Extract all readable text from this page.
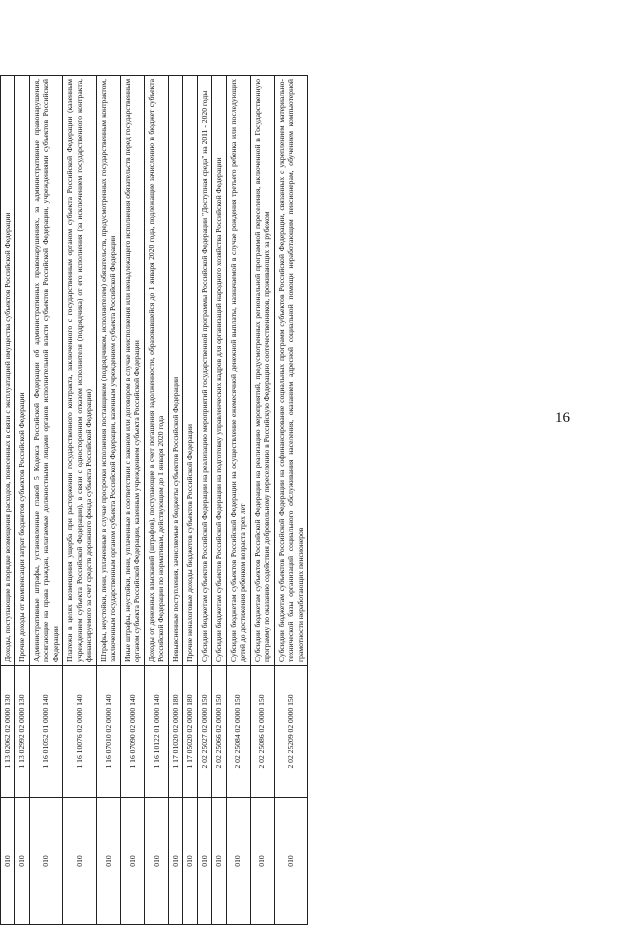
16
010	1 13 02062 02 0000 130	Доходы, поступающие в порядке возмещения расходов, понесенных в связи с эксплуатацией имущества субъектов Российской Федерации
010	1 13 02992 02 0000 130	Прочие доходы от компенсации затрат бюджетов субъектов Российской Федерации
010	1 16 01052 01 0000 140	Административные штрафы, установленные главой 5 Кодекса Российской Федерации об административных правонарушениях, за административные правонарушения, посягающие на права граждан, налагаемые должностными лицами органов исполнительной власти субъектов Российской Федерации, учреждениями субъектов Российской Федерации
010	1 16 10076 02 0000 140	Платежи в целях возмещения ущерба при расторжении государственного контракта, заключенного с государственным органом субъекта Российской Федерации (казенным учреждением субъекта Российской Федерации), в связи с односторонним отказом исполнителя (подрядчика) от его исполнения (за исключением государственного контракта, финансируемого за счет средств дорожного фонда субъекта Российской Федерации)
010	1 16 07010 02 0000 140	Штрафы, неустойки, пени, уплаченные в случае просрочки исполнения поставщиком (подрядчиком, исполнителем) обязательств, предусмотренных государственным контрактом, заключенным государственным органом субъекта Российской Федерации, казенным учреждением субъекта Российской Федерации
010	1 16 07090 02 0000 140	Иные штрафы, неустойки, пени, уплаченные в соответствии с законом или договором в случае неисполнения или ненадлежащего исполнения обязательств перед государственным органом субъекта Российской Федерации, казенным учреждением субъекта Российской Федерации
010	1 16 10122 01 0000 140	Доходы от денежных взысканий (штрафов), поступающие в счет погашения задолженности, образовавшейся до 1 января 2020 года, подлежащие зачислению в бюджет субъекта Российской Федерации по нормативам, действующим до 1 января 2020 года
010	1 17 01020 02 0000 180	Невыясненные поступления, зачисляемые в бюджеты субъектов Российской Федерации
010	1 17 05020 02 0000 180	Прочие неналоговые доходы бюджетов субъектов Российской Федерации
010	2 02 25027 02 0000 150	Субсидии бюджетам субъектов Российской Федерации на реализацию мероприятий государственной программы Российской Федерации "Доступная среда" на 2011 - 2020 годы
010	2 02 25066 02 0000 150	Субсидии бюджетам субъектов Российской Федерации на подготовку управленческих кадров для организаций народного хозяйства Российской Федерации
010	2 02 25084 02 0000 150	Субсидии бюджетам субъектов Российской Федерации на осуществление ежемесячной денежной выплаты, назначаемой в случае рождения третьего ребенка или последующих детей до достижения ребенком возраста трех лет
010	2 02 25086 02 0000 150	Субсидии бюджетам субъектов Российской Федерации на реализацию мероприятий, предусмотренных региональной программой переселения, включенной в Государственную программу по оказанию содействия добровольному переселению в Российскую Федерацию соотечественников, проживающих за рубежом
010	2 02 25209 02 0000 150	Субсидии бюджетам субъектов Российской Федерации на софинансирование социальных программ субъектов Российской Федерации, связанных с укреплением материально-технической базы организаций социального обслуживания населения, оказанием адресной социальной помощи неработающим пенсионерам, обучением компьютерной грамотности неработающих пенсионеров
